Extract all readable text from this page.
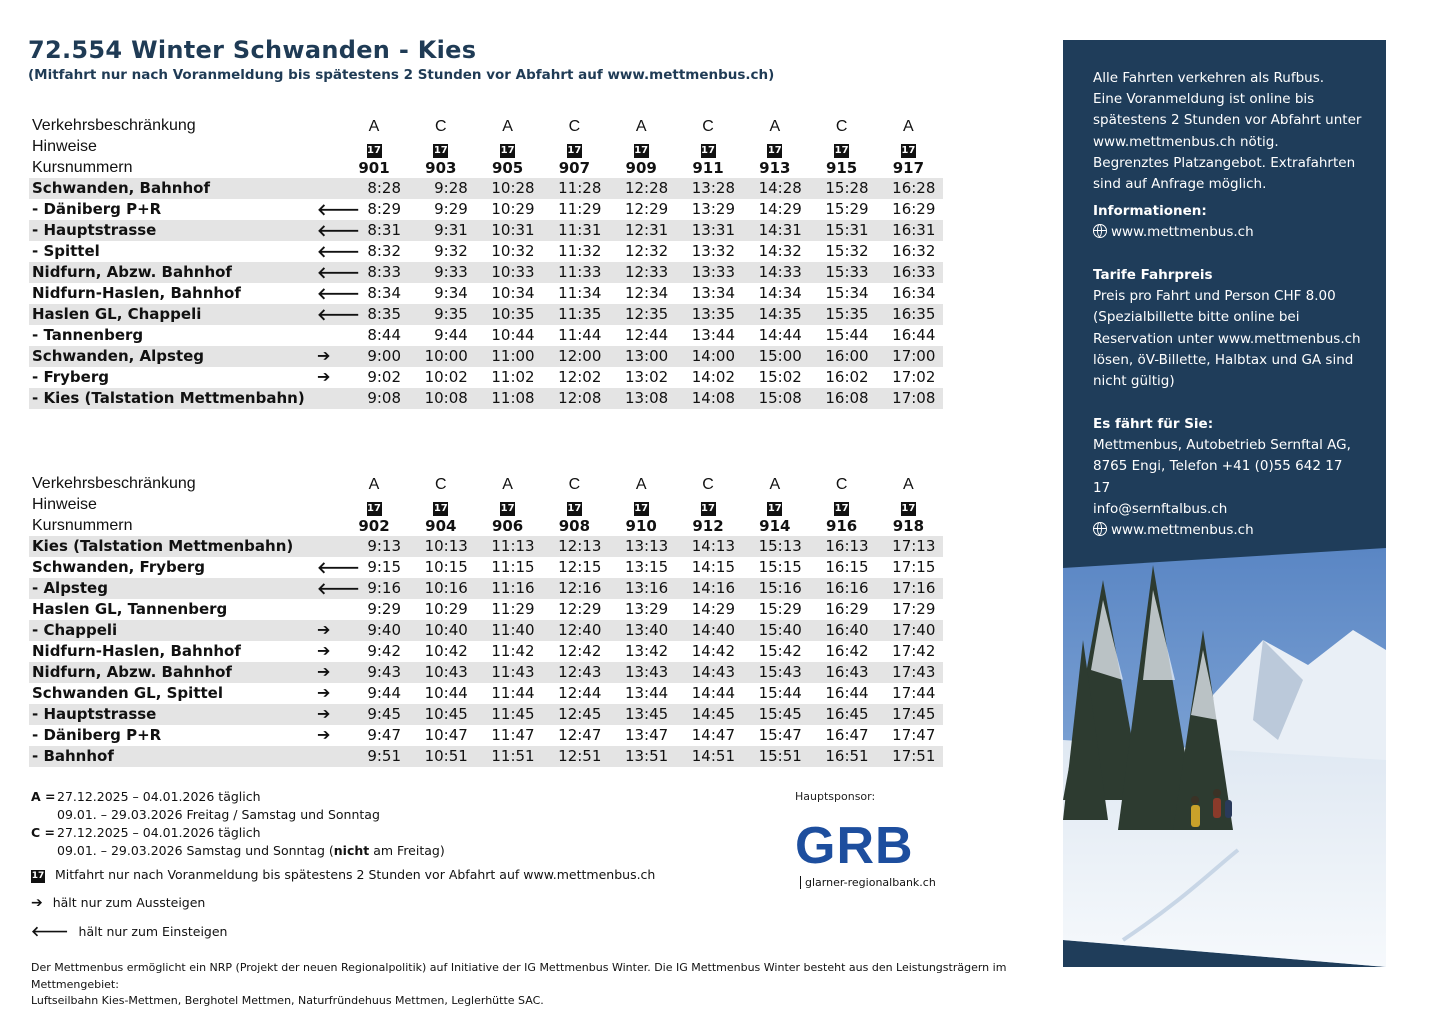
72.554 Winter Schwanden - Kies
(Mitfahrt nur nach Voranmeldung bis spätestens 2 Stunden vor Abfahrt auf www.mettmenbus.ch)
Verkehrsbeschränkung	A	C	A	C	A	C	A	C	A
Hinweise	17	17	17	17	17	17	17	17	17
Kursnummern	901	903	905	907	909	911	913	915	917
Schwanden, Bahnhof	8:28	9:28	10:28	11:28	12:28	13:28	14:28	15:28	16:28
- Däniberg P+R	🡐 8:29	9:29	10:29	11:29	12:29	13:29	14:29	15:29	16:29
- Hauptstrasse	🡐 8:31	9:31	10:31	11:31	12:31	13:31	14:31	15:31	16:31
- Spittel	🡐 8:32	9:32	10:32	11:32	12:32	13:32	14:32	15:32	16:32
Nidfurn, Abzw. Bahnhof	🡐 8:33	9:33	10:33	11:33	12:33	13:33	14:33	15:33	16:33
Nidfurn-Haslen, Bahnhof	🡐 8:34	9:34	10:34	11:34	12:34	13:34	14:34	15:34	16:34
Haslen GL, Chappeli	🡐 8:35	9:35	10:35	11:35	12:35	13:35	14:35	15:35	16:35
- Tannenberg	8:44	9:44	10:44	11:44	12:44	13:44	14:44	15:44	16:44
Schwanden, Alpsteg	➔	9:00	10:00	11:00	12:00	13:00	14:00	15:00	16:00	17:00
- Fryberg	➔	9:02	10:02	11:02	12:02	13:02	14:02	15:02	16:02	17:02
- Kies (Talstation Mettmenbahn)	9:08	10:08	11:08	12:08	13:08	14:08	15:08	16:08	17:08
Verkehrsbeschränkung	A	C	A	C	A	C	A	C	A
Hinweise	17	17	17	17	17	17	17	17	17
Kursnummern	902	904	906	908	910	912	914	916	918
Kies (Talstation Mettmenbahn)	9:13	10:13	11:13	12:13	13:13	14:13	15:13	16:13	17:13
Schwanden, Fryberg	🡐 9:15	10:15	11:15	12:15	13:15	14:15	15:15	16:15	17:15
- Alpsteg	🡐 9:16	10:16	11:16	12:16	13:16	14:16	15:16	16:16	17:16
Haslen GL, Tannenberg	9:29	10:29	11:29	12:29	13:29	14:29	15:29	16:29	17:29
- Chappeli	➔	9:40	10:40	11:40	12:40	13:40	14:40	15:40	16:40	17:40
Nidfurn-Haslen, Bahnhof	➔	9:42	10:42	11:42	12:42	13:42	14:42	15:42	16:42	17:42
Nidfurn, Abzw. Bahnhof	➔	9:43	10:43	11:43	12:43	13:43	14:43	15:43	16:43	17:43
Schwanden GL, Spittel	➔	9:44	10:44	11:44	12:44	13:44	14:44	15:44	16:44	17:44
- Hauptstrasse	➔	9:45	10:45	11:45	12:45	13:45	14:45	15:45	16:45	17:45
- Däniberg P+R	➔	9:47	10:47	11:47	12:47	13:47	14:47	15:47	16:47	17:47
- Bahnhof	9:51	10:51	11:51	12:51	13:51	14:51	15:51	16:51	17:51
A = 27.12.2025 – 04.01.2026 täglich
09.01. – 29.03.2026 Freitag / Samstag und Sonntag
C = 27.12.2025 – 04.01.2026 täglich
09.01. – 29.03.2026 Samstag und Sonntag (nicht am Freitag)
17 Mitfahrt nur nach Voranmeldung bis spätestens 2 Stunden vor Abfahrt auf www.mettmenbus.ch
➔ hält nur zum Aussteigen
🡐 hält nur zum Einsteigen
Der Mettmenbus ermöglicht ein NRP (Projekt der neuen Regionalpolitik) auf Initiative der IG Mettmenbus Winter. Die IG Mettmenbus Winter besteht aus den Leistungsträgern im Mettmengebiet:
Luftseilbahn Kies-Mettmen, Berghotel Mettmen, Naturfründehuus Mettmen, Leglerhütte SAC.
Hauptsponsor:
GRB
glarner-regionalbank.ch

Alle Fahrten verkehren als Rufbus.

Eine Voranmeldung ist online bis

spätestens 2 Stunden vor Abfahrt unter

www.mettmenbus.ch nötig.

Begrenztes Platzangebot. Extrafahrten

sind auf Anfrage möglich.

Informationen:

www.mettmenbus.ch

Tarife Fahrpreis

Preis pro Fahrt und Person CHF 8.00

(Spezialbillette bitte online bei

Reservation unter www.mettmenbus.ch

lösen, öV-Billette, Halbtax und GA sind

nicht gültig)

Es fährt für Sie:

Mettmenbus, Autobetrieb Sernftal AG,

8765 Engi, Telefon +41 (0)55 642 17 17

info@sernftalbus.ch

www.mettmenbus.ch
